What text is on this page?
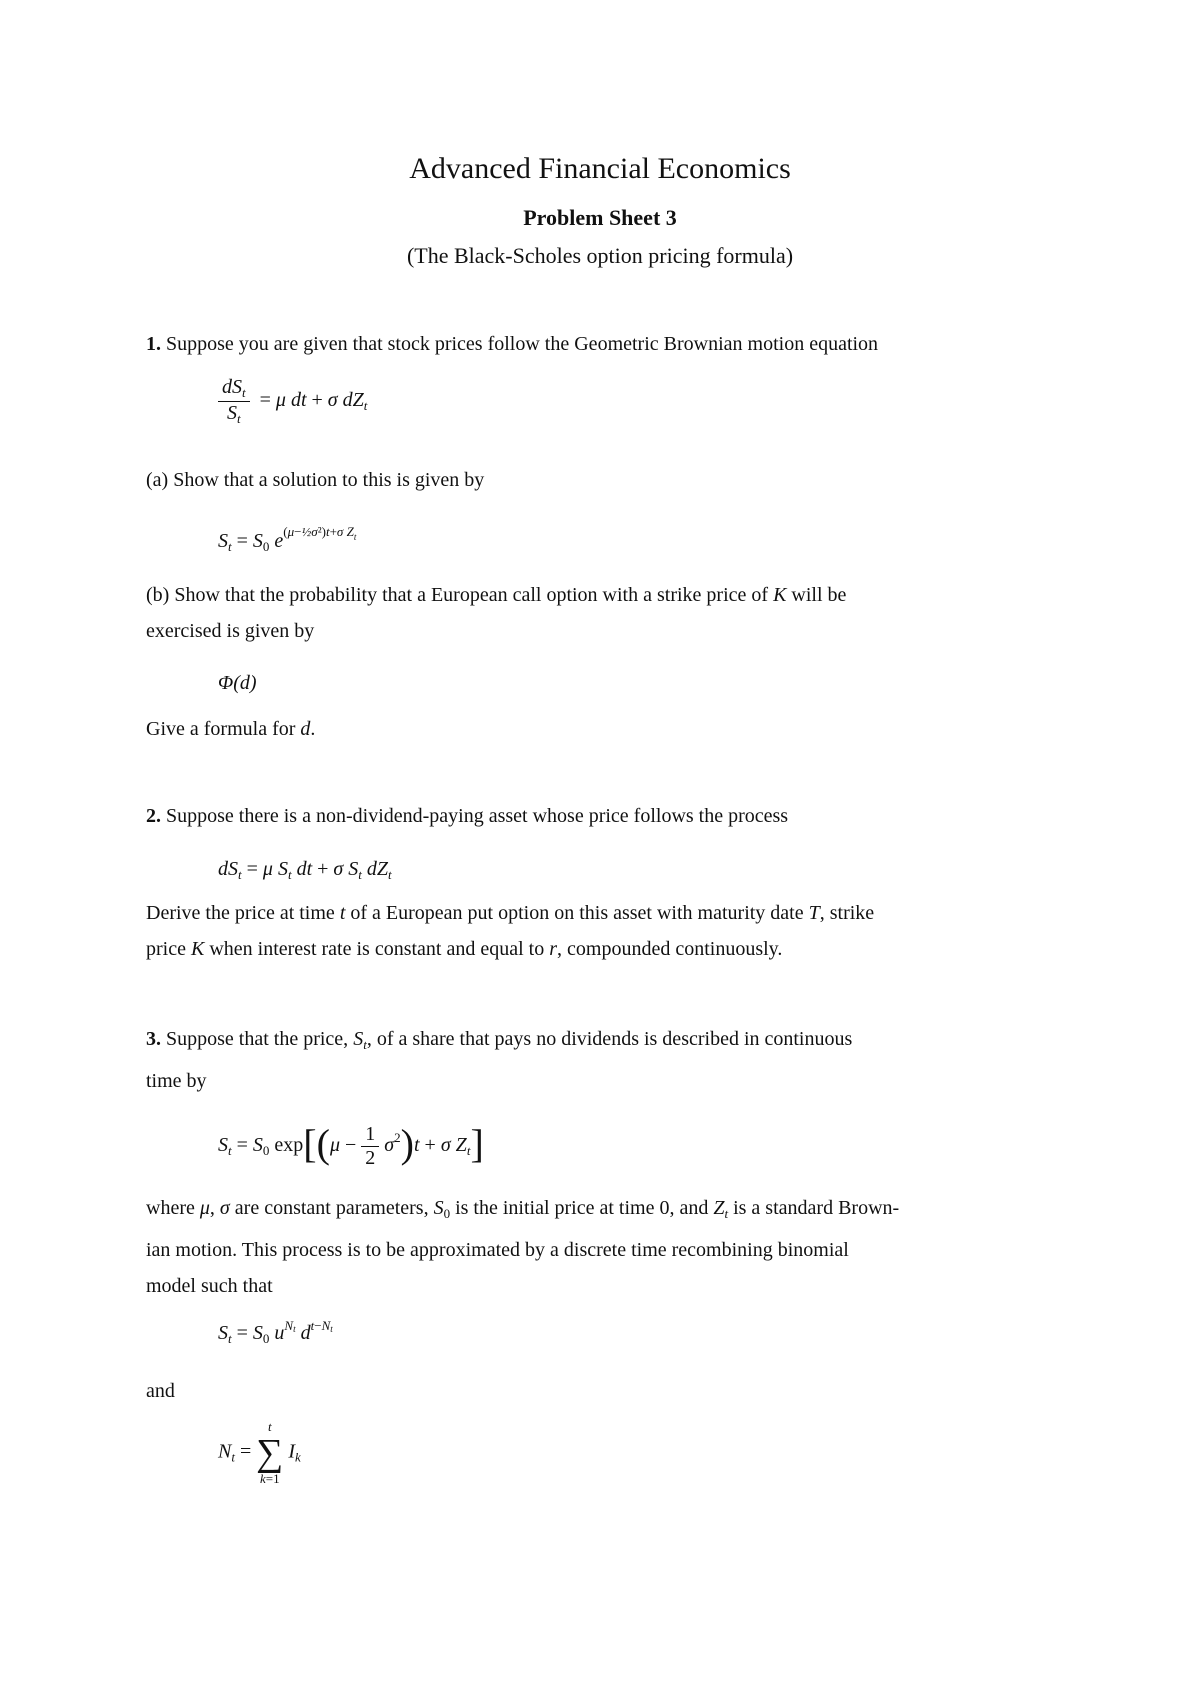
Advanced Financial Economics
Problem Sheet 3
(The Black-Scholes option pricing formula)
1. Suppose you are given that stock prices follow the Geometric Brownian motion equation
$\frac{dS_t}{S_t} = \mu$ dt + σ $dZ_t$
(a) Show that a solution to this is given by
$S_t = S_0$ $e^{(\mu-\frac{1}{2}\sigma^2)t+\sigma Z_t}$
(b) Show that the probability that a European call option with a strike price of K will be
exercised is given by
Φ(d)
Give a formula for d.
2. Suppose there is a non-dividend-paying asset whose price follows the process
$dS_t = \mu$ $S_t$ dt + σ $S_t$ $dZ_t$
Derive the price at time t of a European put option on this asset with maturity date T, strike
price K when interest rate is constant and equal to r, compounded continuously.
3. Suppose that the price, $S_t$, of a share that pays no dividends is described in continuous
time by
$S_t = S_0$ $\exp[(\mu - \frac{1}{2} \sigma^2)t + \sigma$ $Z_t$]
where μ, σ are constant parameters, $S_0$ is the initial price at time 0, and $Z_t$ is a standard Brown-
ian motion. This process is to be approximated by a discrete time recombining binomial
model such that
$S_t = S_0$ $u^{N_t}$ $d^{t-N_t}$
and
$N_t$ =
t
∑
k=1
$I_k$
